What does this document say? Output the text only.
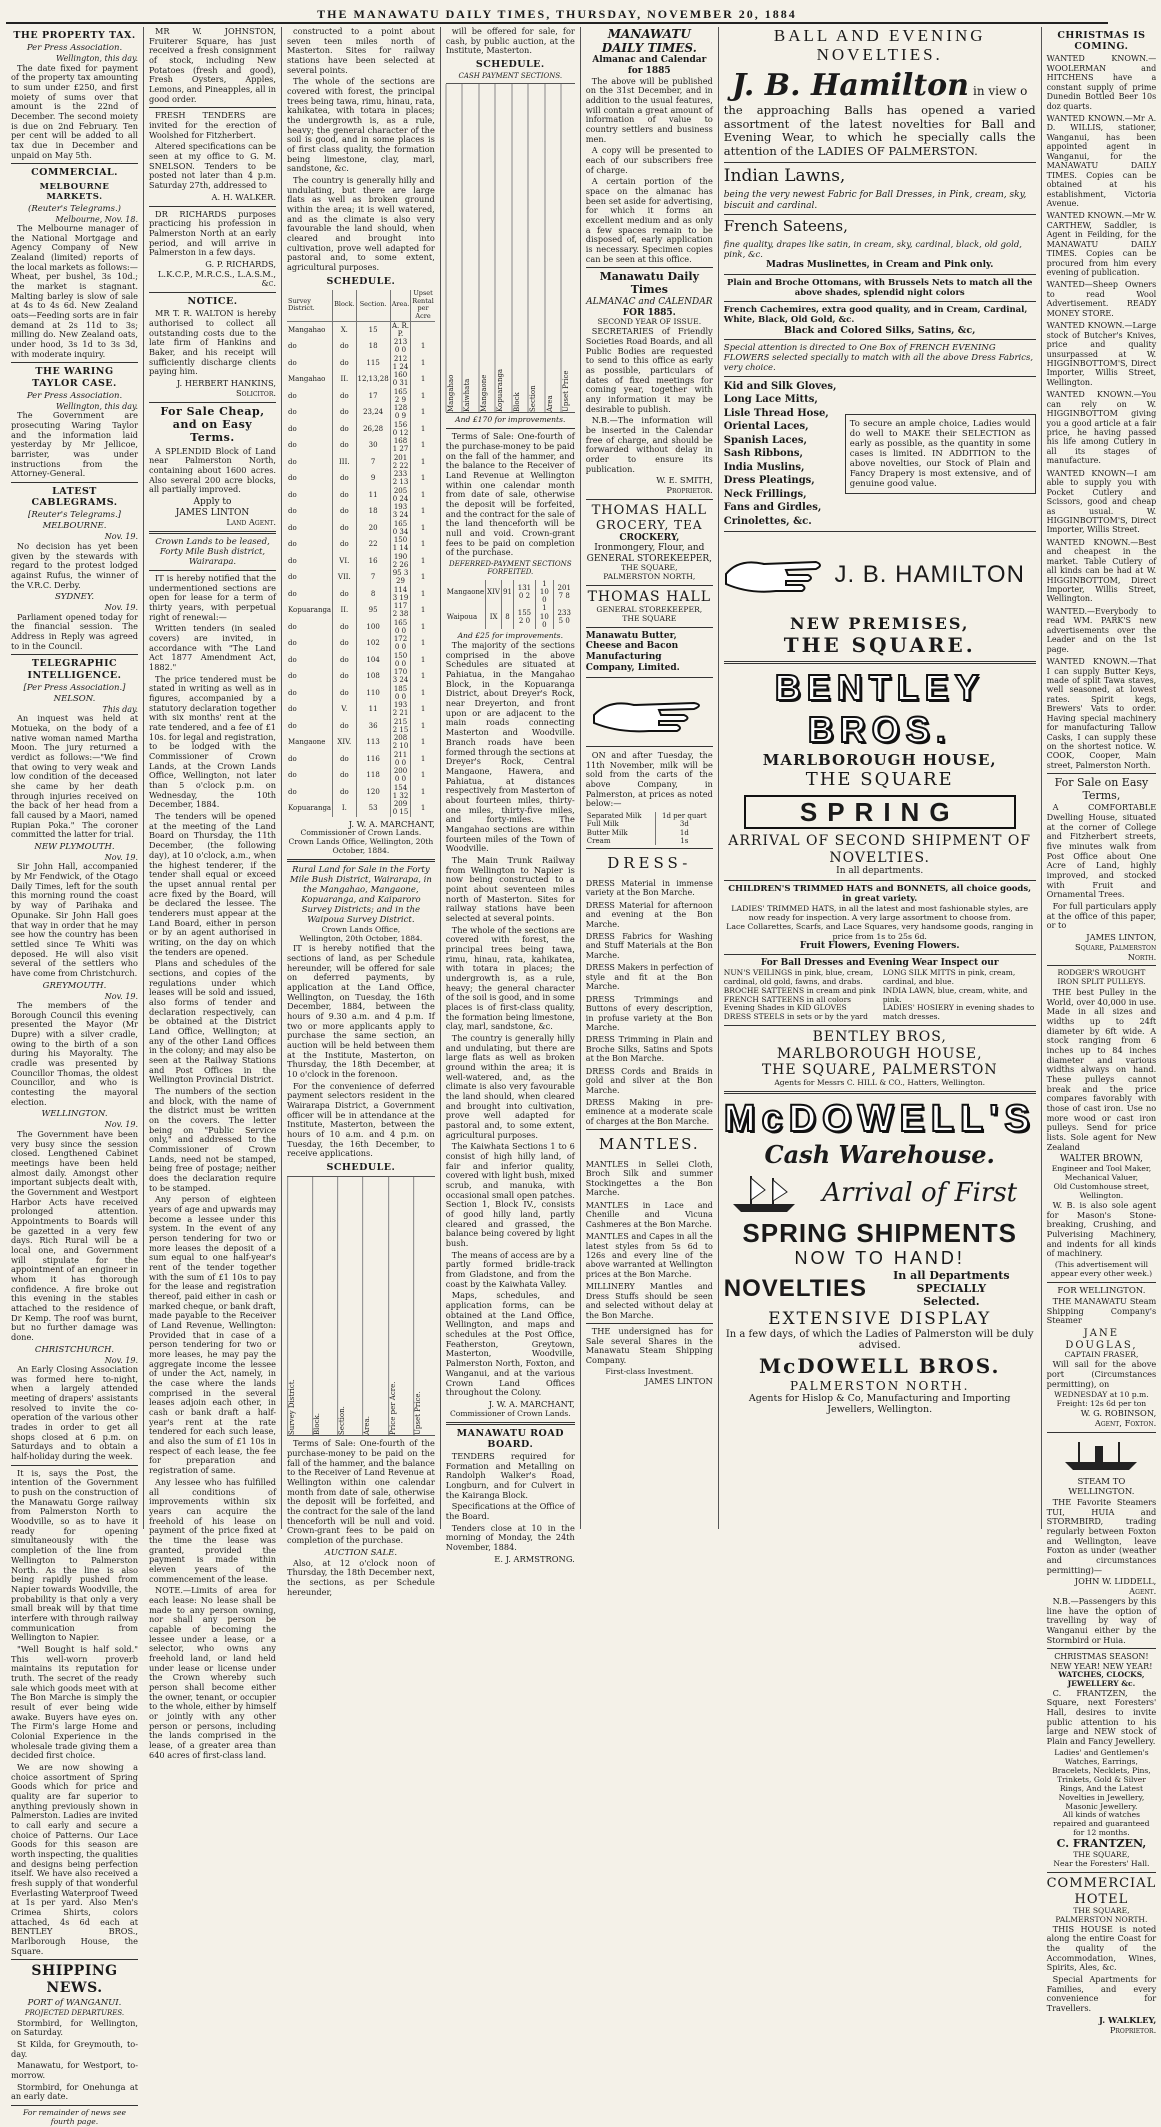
THE MANAWATU DAILY TIMES, THURSDAY, NOVEMBER 20, 1884
THE PROPERTY TAX.
Per Press Association.
Wellington, this day.

The date fixed for payment of the property tax amounting to sum under £250, and first moiety of sums over that amount is the 22nd of December. The second moiety is due on 2nd February. Ten per cent will be added to all tax due in December and unpaid on May 5th.

COMMERCIAL.
MELBOURNE MARKETS.
(Reuter's Telegrams.)
Melbourne, Nov. 18.

The Melbourne manager of the National Mortgage and Agency Company of New Zealand (limited) reports of the local markets as follows:—Wheat, per bushel, 3s 10d.; the market is stagnant. Malting barley is slow of sale at 4s to 4s 6d. New Zealand oats—Feeding sorts are in fair demand at 2s 11d to 3s; milling do. New Zealand oats, under hood, 3s 1d to 3s 3d, with moderate inquiry.

THE WARING TAYLOR CASE.
Per Press Association.
Wellington, this day.

The Government are prosecuting Waring Taylor and the information laid yesterday by Mr Jellicoe, barrister, was under instructions from the Attorney-General.

LATEST CABLEGRAMS.
[Reuter's Telegrams.]
MELBOURNE.
Nov. 19.

No decision has yet been given by the stewards with regard to the protest lodged against Rufus, the winner of the V.R.C. Derby.

SYDNEY.
Nov. 19.

Parliament opened today for the financial session. The Address in Reply was agreed to in the Council.

TELEGRAPHIC INTELLIGENCE.
[Per Press Association.]
NELSON.
This day.

An inquest was held at Motueka, on the body of a native woman named Martha Moon. The jury returned a verdict as follows:—"We find that owing to very weak and low condition of the deceased she came by her death through injuries received on the back of her head from a fall caused by a Maori, named Rupian Poka." The coroner committed the latter for trial.

NEW PLYMOUTH.
Nov. 19.

Sir John Hall, accompanied by Mr Fendwick, of the Otago Daily Times, left for the south this morning round the coast by way of Parihaka and Opunake. Sir John Hall goes that way in order that he may see how the country has been settled since Te Whiti was deposed. He will also visit several of the settlers who have come from Christchurch.

GREYMOUTH.
Nov. 19.

The members of the Borough Council this evening presented the Mayor (Mr Dupre) with a silver cradle, owing to the birth of a son during his Mayoralty. The cradle was presented by Councillor Thomas, the oldest Councillor, and who is contesting the mayoral election.

WELLINGTON.
Nov. 19.

The Government have been very busy since the session closed. Lengthened Cabinet meetings have been held almost daily. Amongst other important subjects dealt with, the Government and Westport Harbor Acts have received prolonged attention. Appointments to Boards will be gazetted in a very few days. Rich Rural will be a local one, and Government will stipulate for the appointment of an engineer in whom it has thorough confidence. A fire broke out this evening in the stables attached to the residence of Dr Kemp. The roof was burnt, but no further damage was done.

CHRISTCHURCH.
Nov. 19.

An Early Closing Association was formed here to-night, when a largely attended meeting of drapers' assistants resolved to invite the co-operation of the various other trades in order to get all shops closed at 6 p.m. on Saturdays and to obtain a half-holiday during the week.

It is, says the Post, the intention of the Government to push on the construction of the Manawatu Gorge railway from Palmerston North to Woodville, so as to have it ready for opening simultaneously with the completion of the line from Wellington to Palmerston North. As the line is also being rapidly pushed from Napier towards Woodville, the probability is that only a very small break will by that time interfere with through railway communication from Wellington to Napier.

"Well Bought is half sold." This well-worn proverb maintains its reputation for truth. The secret of the ready sale which goods meet with at The Bon Marche is simply the result of ever being wide awake. Buyers have eyes on. The Firm's large Home and Colonial Experience in the wholesale trade giving them a decided first choice.

We are now showing a choice assortment of Spring Goods which for price and quality are far superior to anything previously shown in Palmerston. Ladies are invited to call early and secure a choice of Patterns. Our Lace Goods for this season are worth inspecting, the qualities and designs being perfection itself. We have also received a fresh supply of that wonderful Everlasting Waterproof Tweed at 1s per yard. Also Men's Crimea Shirts, colors attached, 4s 6d each at BENTLEY BROS., Marlborough House, the Square.

SHIPPING NEWS.
PORT of WANGANUI.
PROJECTED DEPARTURES.

Stormbird, for Wellington, on Saturday.

St Kilda, for Greymouth, to-day.

Manawatu, for Westport, to-morrow.

Stormbird, for Onehunga at an early date.

For remainder of news see fourth page.

MR W. JOHNSTON, Fruiterer Square, has just received a fresh consignment of stock, including New Potatoes (fresh and good), Fresh Oysters, Apples, Lemons, and Pineapples, all in good order.

FRESH TENDERS are invited for the erection of Woolshed for Fitzherbert.

Altered specifications can be seen at my office to G. M. SNELSON. Tenders to be posted not later than 4 p.m. Saturday 27th, addressed to

A. H. WALKER.

DR RICHARDS purposes practicing his profession in Palmerston North at an early period, and will arrive in Palmerston in a few days.

G. P. RICHARDS,
L.K.C.P., M.R.C.S., L.A.S.M., &c.
NOTICE.

MR T. R. WALTON is hereby authorised to collect all outstanding costs due to the late firm of Hankins and Baker, and his receipt will sufficiently discharge clients paying him.

J. HERBERT HANKINS,
Solicitor.
For Sale Cheap, and on Easy Terms.

A SPLENDID Block of Land near Palmerston North, containing about 1600 acres. Also several 200 acre blocks, all partially improved.

Apply to
JAMES LINTON
Land Agent.
Crown Lands to be leased, Forty Mile Bush district, Wairarapa.

IT is hereby notified that the undermentioned sections are open for lease for a term of thirty years, with perpetual right of renewal:—

Written tenders (in sealed covers) are invited, in accordance with "The Land Act 1877 Amendment Act, 1882."

The price tendered must be stated in writing as well as in figures, accompanied by a statutory declaration together with six months' rent at the rate tendered, and a fee of £1 10s. for legal and registration, to be lodged with the Commissioner of Crown Lands, at the Crown Lands Office, Wellington, not later than 5 o'clock p.m. on Wednesday, the 10th December, 1884.

The tenders will be opened at the meeting of the Land Board on Thursday, the 11th December, (the following day), at 10 o'clock, a.m., when the highest tenderer, if the tender shall equal or exceed the upset annual rental per acre fixed by the Board, will be declared the lessee. The tenderers must appear at the Land Board, either in person or by an agent authorised in writing, on the day on which the tenders are opened.

Plans and schedules of the sections, and copies of the regulations under which leases will be sold and issued, also forms of tender and declaration respectively, can be obtained at the District Land Office, Wellington; at any of the other Land Offices in the colony; and may also be seen at the Railway Stations and Post Offices in the Wellington Provincial District.

The numbers of the section and block, with the name of the district must be written on the covers. The letter being on "Public Service only," and addressed to the Commissioner of Crown Lands, need not be stamped, being free of postage; neither does the declaration require to be stamped.

Any person of eighteen years of age and upwards may become a lessee under this system. In the event of any person tendering for two or more leases the deposit of a sum equal to one half-year's rent of the tender together with the sum of £1 10s to pay for the lease and registration thereof, paid either in cash or marked cheque, or bank draft, made payable to the Receiver of Land Revenue, Wellington: Provided that in case of a person tendering for two or more leases, he may pay the aggregate income the lessee of under the Act, namely, in the case where the lands comprised in the several leases adjoin each other, in cash or bank draft a half-year's rent at the rate tendered for each such lease, and also the sum of £1 10s in respect of each lease, the fee for preparation and registration of same.

Any lessee who has fulfilled all conditions of improvements within six years can acquire the freehold of his lease on payment of the price fixed at the time the lease was granted, provided the payment is made within eleven years of the commencement of the lease.

NOTE.—Limits of area for each lease: No lease shall be made to any person owning, nor shall any person be capable of becoming the lessee under a lease, or a selector, who owns any freehold land, or land held under lease or license under the Crown whereby such person shall become either the owner, tenant, or occupier to the whole, either by himself or jointly with any other person or persons, including the lands comprised in the lease, of a greater area than 640 acres of first-class land.

constructed to a point about seven teen miles north of Masterton. Sites for railway stations have been selected at several points.

The whole of the sections are covered with forest, the principal trees being tawa, rimu, hinau, rata, kahikatea, with totara in places; the undergrowth is, as a rule, heavy; the general character of the soil is good, and in some places is of first class quality, the formation being limestone, clay, marl, sandstone, &c.

The country is generally hilly and undulating, but there are large flats as well as broken ground within the area; it is well watered, and as the climate is also very favourable the land should, when cleared and brought into cultivation, prove well adapted for pastoral and, to some extent, agricultural purposes.

SCHEDULE.
Survey District.	Block.	Section.	Area.	Upset Rental per Acre
Mangahao	X.	15	A. R. P.	
do	do	18	213 0 0	1
do	do	115	212 1 24	1
Mangahao	II.	12,13,28	160 0 31	1
do	do	17	165 2 9	1
do	do	23,24	128 0 9	1
do	do	26,28	156 0 12	1
do	do	30	168 1 27	1
do	III.	7	201 2 22	1
do	do	9	233 2 13	1
do	do	11	205 0 24	1
do	do	18	193 3 24	1
do	do	20	165 0 34	1
do	do	22	150 1 14	1
do	VI.	16	190 2 26	1
do	VII.	7	95 3 29	1
do	do	8	114 3 19	1
Kopuaranga	II.	95	117 2 38	1
do	do	100	165 0 0	1
do	do	102	172 0 0	1
do	do	104	150 0 0	1
do	do	108	170 3 24	1
do	do	110	185 0 0	1
do	V.	11	193 2 21	1
do	do	36	215 2 15	1
Mangaone	XIV.	113	208 2 10	1
do	do	116	211 0 0	1
do	do	118	200 0 0	1
do	do	120	154 1 32	1
Kopuaranga	I.	53	209 0 15	1
J. W. A. MARCHANT,
Commissioner of Crown Lands.
Crown Lands Office, Wellington, 20th October, 1884.
Rural Land for Sale in the Forty Mile Bush District, Wairarapa, in the Mangahao, Mangaone, Kopuaranga, and Kaiparoro Survey Districts; and in the Waipoua Survey District.
Crown Lands Office,
Wellington, 20th October, 1884.

IT is hereby notified that the sections of land, as per Schedule hereunder, will be offered for sale on deferred payments, by application at the Land Office, Wellington, on Tuesday, the 16th December, 1884, between the hours of 9.30 a.m. and 4 p.m. If two or more applicants apply to purchase the same section, an auction will be held between them at the Institute, Masterton, on Thursday, the 18th December, at 10 o'clock in the forenoon.

For the convenience of deferred payment selectors resident in the Wairarapa District, a Government officer will be in attendance at the Institute, Masterton, between the hours of 10 a.m. and 4 p.m. on Tuesday, the 16th December, to receive applications.

SCHEDULE.
Survey District.	Block.	Section.	Area.	Price per Acre.	Upset Price.

Terms of Sale: One-fourth of the purchase-money to be paid on the fall of the hammer, and the balance to the Receiver of Land Revenue at Wellington within one calendar month from date of sale, otherwise the deposit will be forfeited, and the contract for the sale of the land thenceforth will be null and void. Crown-grant fees to be paid on completion of the purchase.

AUCTION SALE.

Also, at 12 o'clock noon of Thursday, the 18th December next, the sections, as per Schedule hereunder,

will be offered for sale, for cash, by public auction, at the Institute, Masterton.

SCHEDULE.
CASH PAYMENT SECTIONS.
Mangahao	Kaiwhata	Mangaone	Kopuaranga	Block	Section	Area	Upset Price
And £170 for improvements.

Terms of Sale: One-fourth of the purchase-money to be paid on the fall of the hammer, and the balance to the Receiver of Land Revenue at Wellington within one calendar month from date of sale, otherwise the deposit will be forfeited, and the contract for the sale of the land thenceforth will be null and void. Crown-grant fees to be paid on completion of the purchase.

DEFERRED-PAYMENT SECTIONS FORFEITED.
Mangaone	XIV	91	131 0 2	1 10 0	201 7 8
Waipoua	IX	8	155 2 0	1 10 0	233 5 0
And £25 for improvements.

The majority of the sections comprised in the above Schedules are situated at Pahiatua, in the Mangahao Block, in the Kopuaranga District, about Dreyer's Rock, near Dreyerton, and front upon or are adjacent to the main roads connecting Masterton and Woodville. Branch roads have been formed through the sections at Dreyer's Rock, Central Mangaone, Hawera, and Pahiatua, at distances respectively from Masterton of about fourteen miles, thirty-one miles, thirty-five miles, and forty-miles. The Mangahao sections are within fourteen miles of the Town of Woodville.

The Main Trunk Railway from Wellington to Napier is now being constructed to a point about seventeen miles north of Masterton. Sites for railway stations have been selected at several points.

The whole of the sections are covered with forest, the principal trees being tawa, rimu, hinau, rata, kahikatea, with totara in places; the undergrowth is, as a rule, heavy; the general character of the soil is good, and in some places is of first-class quality, the formation being limestone, clay, marl, sandstone, &c.

The country is generally hilly and undulating, but there are large flats as well as broken ground within the area; it is well-watered, and, as the climate is also very favourable the land should, when cleared and brought into cultivation, prove well adapted for pastoral and, to some extent, agricultural purposes.

The Kaiwhata Sections 1 to 6 consist of high hilly land, of fair and inferior quality, covered with light bush, mixed scrub, and manuka, with occasional small open patches. Section 1, Block IV., consists of good hilly land, partly cleared and grassed, the balance being covered by light bush.

The means of access are by a partly formed bridle-track from Gladstone, and from the coast by the Kaiwhata Valley.

Maps, schedules, and application forms, can be obtained at the Land Office, Wellington, and maps and schedules at the Post Office, Featherston, Greytown, Masterton, Woodville, Palmerston North, Foxton, and Wanganui, and at the various Crown Land Offices throughout the Colony.

J. W. A. MARCHANT,
Commissioner of Crown Lands.
MANAWATU ROAD BOARD.

TENDERS required for Formation and Metalling on Randolph Walker's Road, Longburn, and for Culvert in the Kairanga Block.

Specifications at the Office of the Board.

Tenders close at 10 in the morning of Monday, the 24th November, 1884.

E. J. ARMSTRONG.
MANAWATU DAILY TIMES.
Almanac and Calendar for 1885

The above will be published on the 31st December, and in addition to the usual features, will contain a great amount of information of value to country settlers and business men.

A copy will be presented to each of our subscribers free of charge.

A certain portion of the space on the almanac has been set aside for advertising, for which it forms an excellent medium and as only a few spaces remain to be disposed of, early application is necessary. Specimen copies can be seen at this office.

Manawatu Daily Times
ALMANAC and CALENDAR
FOR 1885.
SECOND YEAR OF ISSUE.

SECRETARIES of Friendly Societies Road Boards, and all Public Bodies are requested to send to this office as early as possible, particulars of dates of fixed meetings for coming year, together with any information it may be desirable to publish.

N.B.—The information will be inserted in the Calendar free of charge, and should be forwarded without delay in order to ensure its publication.

W. E. SMITH,
Proprietor.
THOMAS HALL
GROCERY, TEA
CROCKERY,
Ironmongery, Flour, and
GENERAL STOREKEEPER,
THE SQUARE,
PALMERSTON NORTH,
THOMAS HALL
GENERAL STOREKEEPER,
THE SQUARE
Manawatu Butter, Cheese and Bacon Manufacturing Company, Limited.

ON and after Tuesday, the 11th November, milk will be sold from the carts of the above Company, in Palmerston, at prices as noted below:—

Separated Milk	1d per quart
Full Milk	3d
Butter Milk	1d
Cream	1s
DRESS-

DRESS Material in immense variety at the Bon Marche.

DRESS Material for afternoon and evening at the Bon Marche.

DRESS Fabrics for Washing and Stuff Materials at the Bon Marche.

DRESS Makers in perfection of style and fit at the Bon Marche.

DRESS Trimmings and Buttons of every description, in profuse variety at the Bon Marche.

DRESS Trimming in Plain and Broche Silks, Satins and Spots at the Bon Marche.

DRESS Cords and Braids in gold and silver at the Bon Marche.

DRESS Making in pre-eminence at a moderate scale of charges at the Bon Marche.

MANTLES.

MANTLES in Sellei Cloth, Broch Silk and summer Stockingettes a the Bon Marche.

MANTLES in Lace and Chenille and Vicuna Cashmeres at the Bon Marche.

MANTLES and Capes in all the latest styles from 5s 6d to 126s and every line of the above warranted at Wellington prices at the Bon Marche.

MILLINERY Mantles and Dress Stuffs should be seen and selected without delay at the Bon Marche.

THE undersigned has for Sale several Shares in the Manawatu Steam Shipping Company.

First-class Investment.
JAMES LINTON
BALL AND EVENING NOVELTIES.
J. B. Hamilton in view o
the approaching Balls has opened a varied assortment of the latest novelties for Ball and Evening Wear, to which he specially calls the attention of the LADIES OF PALMERSTON.
Indian Lawns,
being the very newest Fabric for Ball Dresses, in Pink, cream, sky, biscuit and cardinal.
French Sateens,
fine quality, drapes like satin, in cream, sky, cardinal, black, old gold, pink, &c.
Madras Muslinettes, in Cream and Pink only.
Plain and Broche Ottomans, with Brussels Nets to match all the above shades, splendid night colors
French Cachemires, extra good quality, and in Cream, Cardinal, White, Black, Old Gold, &c.
Black and Colored Silks, Satins, &c,
Special attention is directed to One Box of FRENCH EVENING FLOWERS selected specially to match with all the above Dress Fabrics, very choice.
Kid and Silk Gloves,
Long Lace Mitts,
Lisle Thread Hose,
Oriental Laces,
Spanish Laces,
Sash Ribbons,
India Muslins,
Dress Pleatings,
Neck Frillings,
Fans and Girdles,
Crinolettes, &c.
To secure an ample choice, Ladies would do well to MAKE their SELECTION as early as possible, as the quantity in some cases is limited. IN ADDITION to the above novelties, our Stock of Plain and Fancy Drapery is most extensive, and of genuine good value.
J. B. HAMILTON
NEW PREMISES,
THE SQUARE.
BENTLEY BROS.
MARLBOROUGH HOUSE,
THE SQUARE
SPRING
ARRIVAL OF SECOND SHIPMENT OF NOVELTIES.
In all departments.
CHILDREN'S TRIMMED HATS and BONNETS, all choice goods, in great variety.
LADIES' TRIMMED HATS, in all the latest and most fashionable styles, are now ready for inspection. A very large assortment to choose from.
Lace Collarettes, Scarfs, and Lace Squares, very handsome goods, ranging in price from 1s to 25s 6d.
Fruit Flowers, Evening Flowers.
For Ball Dresses and Evening Wear Inspect our
NUN'S VEILINGS in pink, blue, cream, cardinal, old gold, fawns, and drabs.
BROCHE SATTEENS in cream and pink
FRENCH SATTEENS in all colors
Evening Shades in KID GLOVES
DRESS STEELS in sets or by the yard
LONG SILK MITTS in pink, cream, cardinal, and blue.
INDIA LAWN, blue, cream, white, and pink.
LADIES' HOSIERY in evening shades to match dresses.
BENTLEY BROS,
MARLBOROUGH HOUSE,
THE SQUARE, PALMERSTON
Agents for Messrs C. HILL & CO., Hatters, Wellington.
McDOWELL'S
Cash Warehouse.
Arrival of First
SPRING SHIPMENTS
NOW TO HAND!
NOVELTIES	In all Departments
SPECIALLY
Selected.
EXTENSIVE DISPLAY
In a few days, of which the Ladies of Palmerston will be duly advised.
McDOWELL BROS.
PALMERSTON NORTH.
Agents for Hislop & Co, Manufacturing and Importing Jewellers, Wellington.
CHRISTMAS IS COMING.

WANTED KNOWN.—WOOLERMAN and HITCHENS have a constant supply of prime Dunedin Bottled Beer 10s doz quarts.

WANTED KNOWN.—Mr A. D. WILLIS, stationer, Wanganui, has been appointed agent in Wanganui, for the MANAWATU DAILY TIMES. Copies can be obtained at his establishment, Victoria Avenue.

WANTED KNOWN.—Mr W. CARTHEW, Saddler, is Agent in Feilding, for the MANAWATU DAILY TIMES. Copies can be procured from him every evening of publication.

WANTED—Sheep Owners to read Wool Advertisement. READY MONEY STORE.

WANTED KNOWN.—Large stock of Butcher's Knives, price and quality unsurpassed at W. HIGGINBOTTOM'S, Direct Importer, Willis Street, Wellington.

WANTED KNOWN.—You can rely on W. HIGGINBOTTOM giving you a good article at a fair price, he having passed his life among Cutlery in all its stages of manufacture.

WANTED KNOWN—I am able to supply you with Pocket Cutlery and Scissors, good and cheap as usual. W. HIGGINBOTTOM'S, Direct Importer, Willis Street.

WANTED KNOWN.—Best and cheapest in the market. Table Cutlery of all kinds can be had at W. HIGGINBOTTOM, Direct Importer, Willis Street, Wellington.

WANTED.—Everybody to read WM. PARK'S new advertisements over the Leader and on the 1st page.

WANTED KNOWN.—That I can supply Butter Keys, made of split Tawa staves, well seasoned, at lowest rates. Spirit kegs, Brewers' Vats to order. Having special machinery for manufacturing Tallow Casks, I can supply these on the shortest notice. W. COOK, Cooper, Main street, Palmerston North.

For Sale on Easy Terms,

A COMFORTABLE Dwelling House, situated at the corner of College and Fitzherbert streets, five minutes walk from Post Office about One Acre of Land, highly improved, and stocked with Fruit and Ornamental Trees.

For full particulars apply at the office of this paper, or to

JAMES LINTON,
Square, Palmerston North.
RODGER'S WROUGHT IRON SPLIT PULLEYS.

THE best Pulley in the World, over 40,000 in use. Made in all sizes and widths up to 24ft diameter by 6ft wide. A stock ranging from 6 inches up to 84 inches diameter and various widths always on hand. These pulleys cannot break and the price compares favorably with those of cast iron. Use no more wood or cast iron pulleys. Send for price lists. Sole agent for New Zealand

WALTER BROWN,
Engineer and Tool Maker, Mechanical Valuer,
Old Customhouse street, Wellington.

W. B. is also sole agent for Mason's Stone-breaking, Crushing, and Pulverising Machinery, and indents for all kinds of machinery.

(This advertisement will appear every other week.)
FOR WELLINGTON.

THE MANAWATU Steam Shipping Company's Steamer

JANE DOUGLAS,
CAPTAIN FRASER,

Will sail for the above port (Circumstances permitting), on

WEDNESDAY at 10 p.m.
Freight: 12s 6d per ton
W. G. ROBINSON,
Agent, Foxton.
STEAM TO WELLINGTON.

THE Favorite Steamers TUI, HUIA and STORMBIRD, trading regularly between Foxton and Wellington, leave Foxton as under (weather and circumstances permitting)—

JOHN W. LIDDELL,
Agent.

N.B.—Passengers by this line have the option of travelling by way of Wanganui either by the Stormbird or Huia.

CHRISTMAS SEASON!
NEW YEAR! NEW YEAR!
WATCHES, CLOCKS, JEWELLERY &c.

C. FRANTZEN, the Square, next Foresters' Hall, desires to invite public attention to his large and NEW stock of Plain and Fancy Jewellery.

Ladies' and Gentlemen's Watches, Earrings, Bracelets, Necklets, Pins, Trinkets, Gold & Silver Rings, And the Latest Novelties in Jewellery,
Masonic Jewellery.
All kinds of watches repaired and guaranteed for 12 months.
C. FRANTZEN,
THE SQUARE,
Near the Foresters' Hall.
COMMERCIAL HOTEL
THE SQUARE, PALMERSTON NORTH.

THIS HOUSE is noted along the entire Coast for the quality of the Accommodation, Wines, Spirits, Ales, &c.

Special Apartments for Families, and every convenience for Travellers.

J. WALKLEY,
Proprietor.
